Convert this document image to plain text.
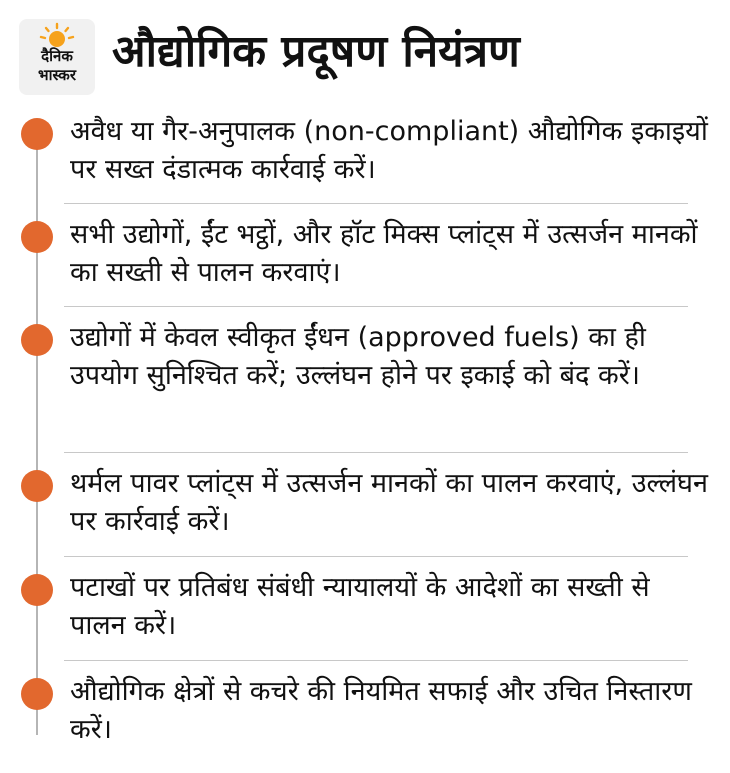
दैनिक
भास्कर औद्योगिक प्रदूषण नियंत्रण

अवैध या गैर-अनुपालक (non-compliant) औद्योगिक इकाइयों पर सख्त दंडात्मक कार्रवाई करें।

सभी उद्योगों, ईंट भट्ठों, और हॉट मिक्स प्लांट्स में उत्सर्जन मानकों का सख्ती से पालन करवाएं।

उद्योगों में केवल स्वीकृत ईंधन (approved fuels) का ही उपयोग सुनिश्चित करें; उल्लंघन होने पर इकाई को बंद करें।

थर्मल पावर प्लांट्स में उत्सर्जन मानकों का पालन करवाएं, उल्लंघन पर कार्रवाई करें।

पटाखों पर प्रतिबंध संबंधी न्यायालयों के आदेशों का सख्ती से पालन करें।

औद्योगिक क्षेत्रों से कचरे की नियमित सफाई और उचित निस्तारण करें।
